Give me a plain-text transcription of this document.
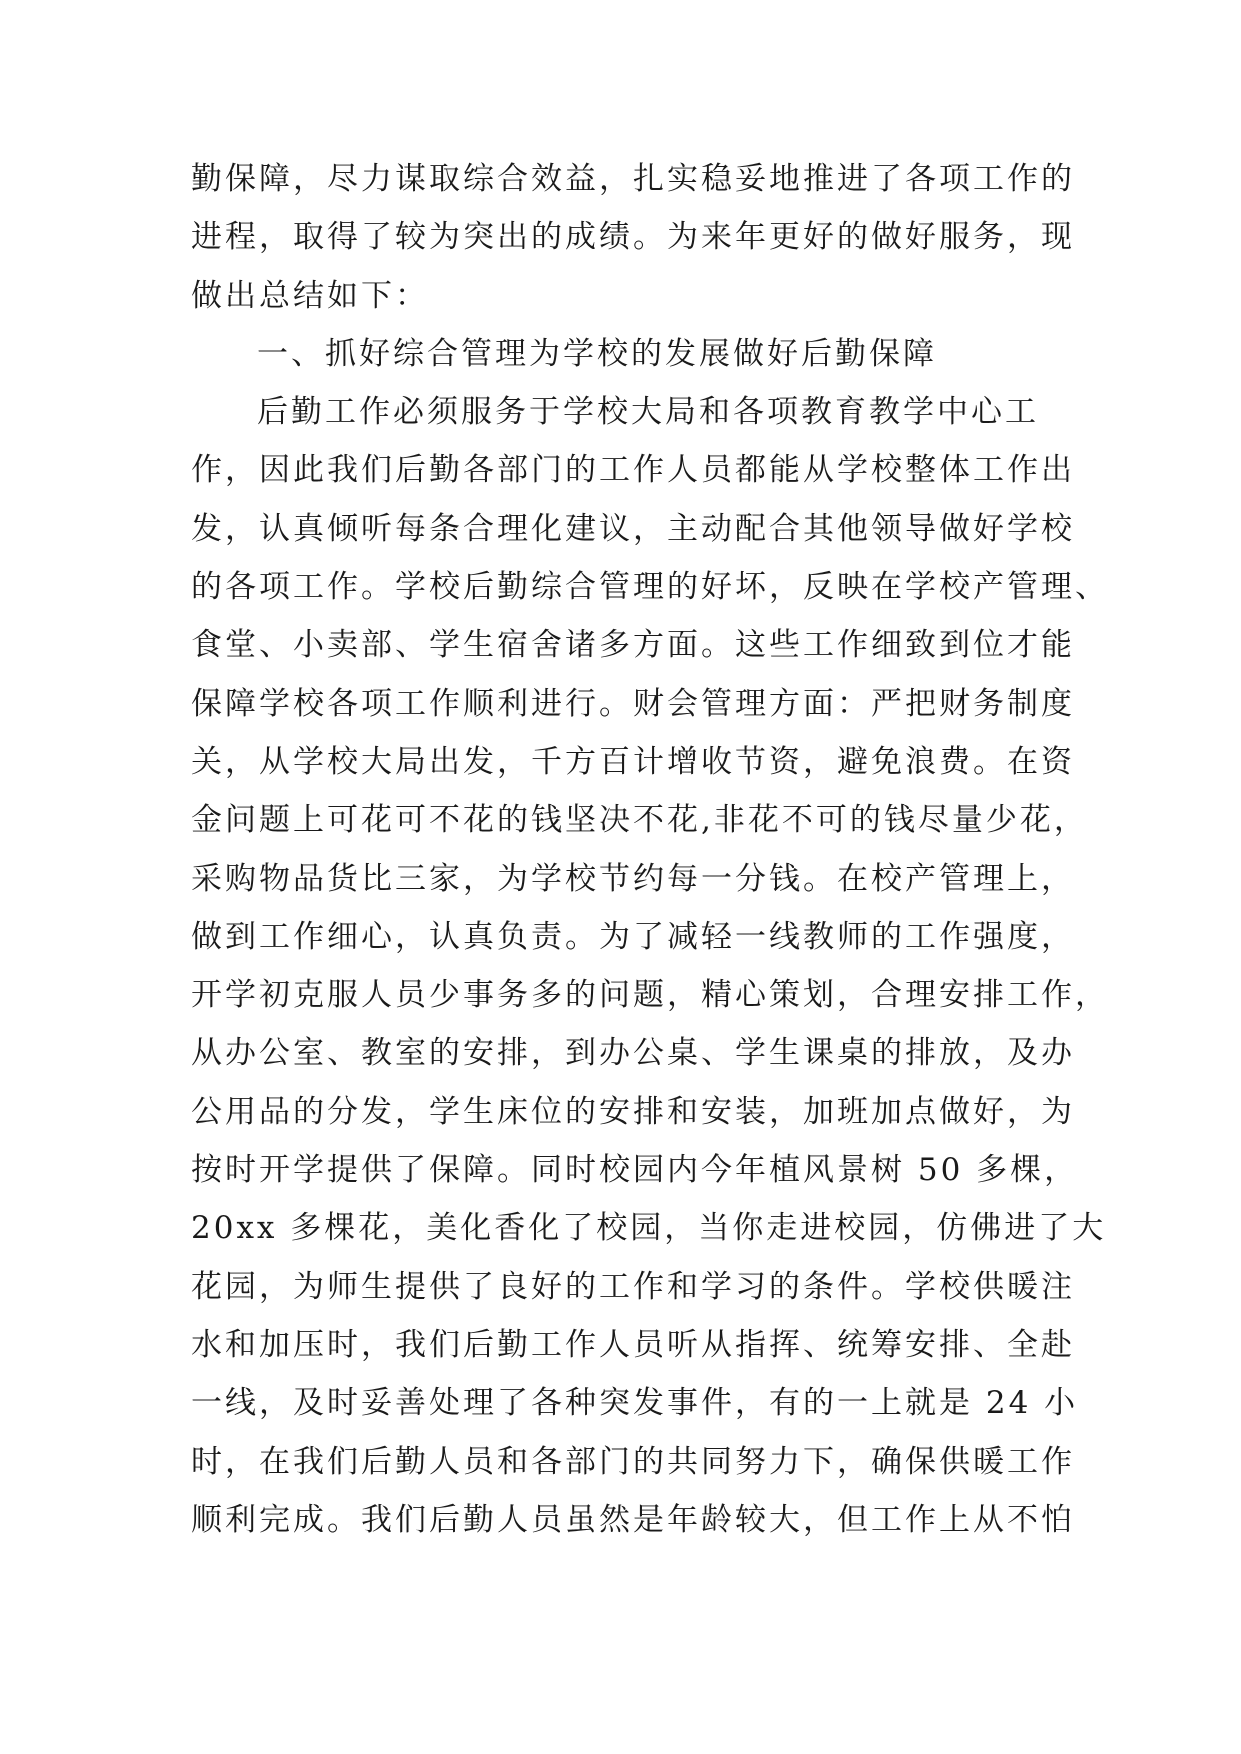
勤保障，尽力谋取综合效益，扎实稳妥地推进了各项工作的
进程，取得了较为突出的成绩。为来年更好的做好服务，现
做出总结如下：
一、抓好综合管理为学校的发展做好后勤保障
后勤工作必须服务于学校大局和各项教育教学中心工
作，因此我们后勤各部门的工作人员都能从学校整体工作出
发，认真倾听每条合理化建议，主动配合其他领导做好学校
的各项工作。学校后勤综合管理的好坏，反映在学校产管理、
食堂、小卖部、学生宿舍诸多方面。这些工作细致到位才能
保障学校各项工作顺利进行。财会管理方面：严把财务制度
关，从学校大局出发，千方百计增收节资，避免浪费。在资
金问题上可花可不花的钱坚决不花,非花不可的钱尽量少花，
采购物品货比三家，为学校节约每一分钱。在校产管理上，
做到工作细心，认真负责。为了减轻一线教师的工作强度，
开学初克服人员少事务多的问题，精心策划，合理安排工作，
从办公室、教室的安排，到办公桌、学生课桌的排放，及办
公用品的分发，学生床位的安排和安装，加班加点做好，为
按时开学提供了保障。同时校园内今年植风景树 50 多棵，
20xx 多棵花，美化香化了校园，当你走进校园，仿佛进了大
花园，为师生提供了良好的工作和学习的条件。学校供暖注
水和加压时，我们后勤工作人员听从指挥、统筹安排、全赴
一线，及时妥善处理了各种突发事件，有的一上就是 24 小
时，在我们后勤人员和各部门的共同努力下，确保供暖工作
顺利完成。我们后勤人员虽然是年龄较大，但工作上从不怕
